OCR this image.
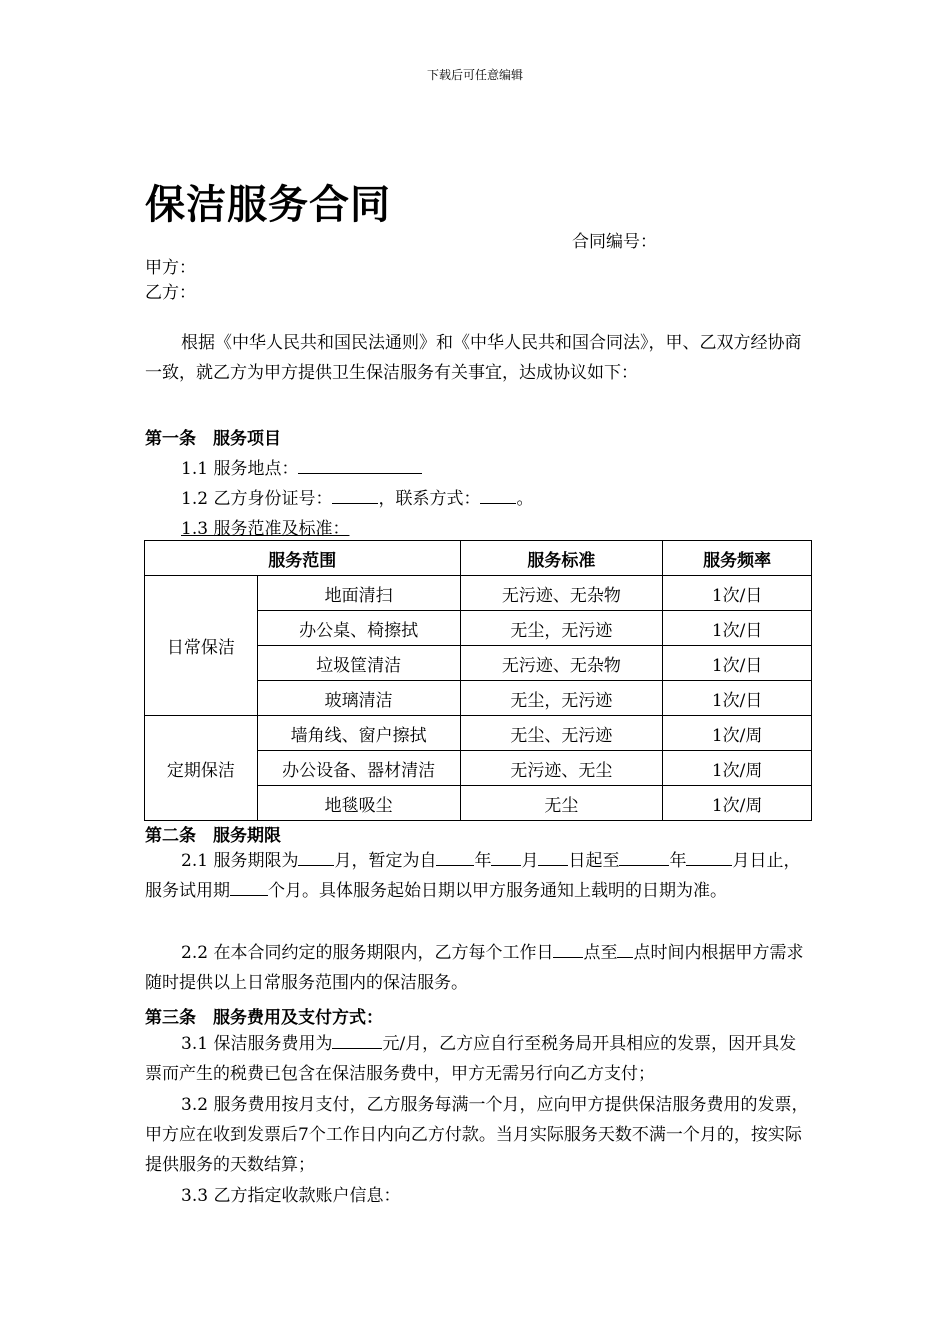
下载后可任意编辑
保洁服务合同
合同编号：
甲方：
乙方：
根据《中华人民共和国民法通则》和《中华人民共和国合同法》，甲、乙双方经协商一致，就乙方为甲方提供卫生保洁服务有关事宜，达成协议如下：
第一条　服务项目
1.1 服务地点：
1.2 乙方身份证号：	，联系方式： 。
1.3 服务范准及标准：
服务范围		服务标准	服务频率
日常保洁	地面清扫	无污迹、无杂物	1次/日
	办公桌、椅擦拭	无尘，无污迹	1次/日
	垃圾筐清洁	无污迹、无杂物	1次/日
	玻璃清洁	无尘，无污迹	1次/日
定期保洁	墙角线、窗户擦拭	无尘、无污迹	1次/周
	办公设备、器材清洁	无污迹、无尘	1次/周
	地毯吸尘	无尘	1次/周
第二条　服务期限
2.1 服务期限为 月，暂定为自 年 月 日起至	年	月日止，服务试用期 个月。具体服务起始日期以甲方服务通知上载明的日期为准。
2.2 在本合同约定的服务期限内，乙方每个工作日 点至 点时间内根据甲方需求随时提供以上日常服务范围内的保洁服务。
第三条　服务费用及支付方式：
3.1 保洁服务费用为	元/月，乙方应自行至税务局开具相应的发票，因开具发票而产生的税费已包含在保洁服务费中，甲方无需另行向乙方支付；
3.2 服务费用按月支付，乙方服务每满一个月，应向甲方提供保洁服务费用的发票，甲方应在收到发票后7个工作日内向乙方付款。当月实际服务天数不满一个月的，按实际提供服务的天数结算；
3.3 乙方指定收款账户信息：
